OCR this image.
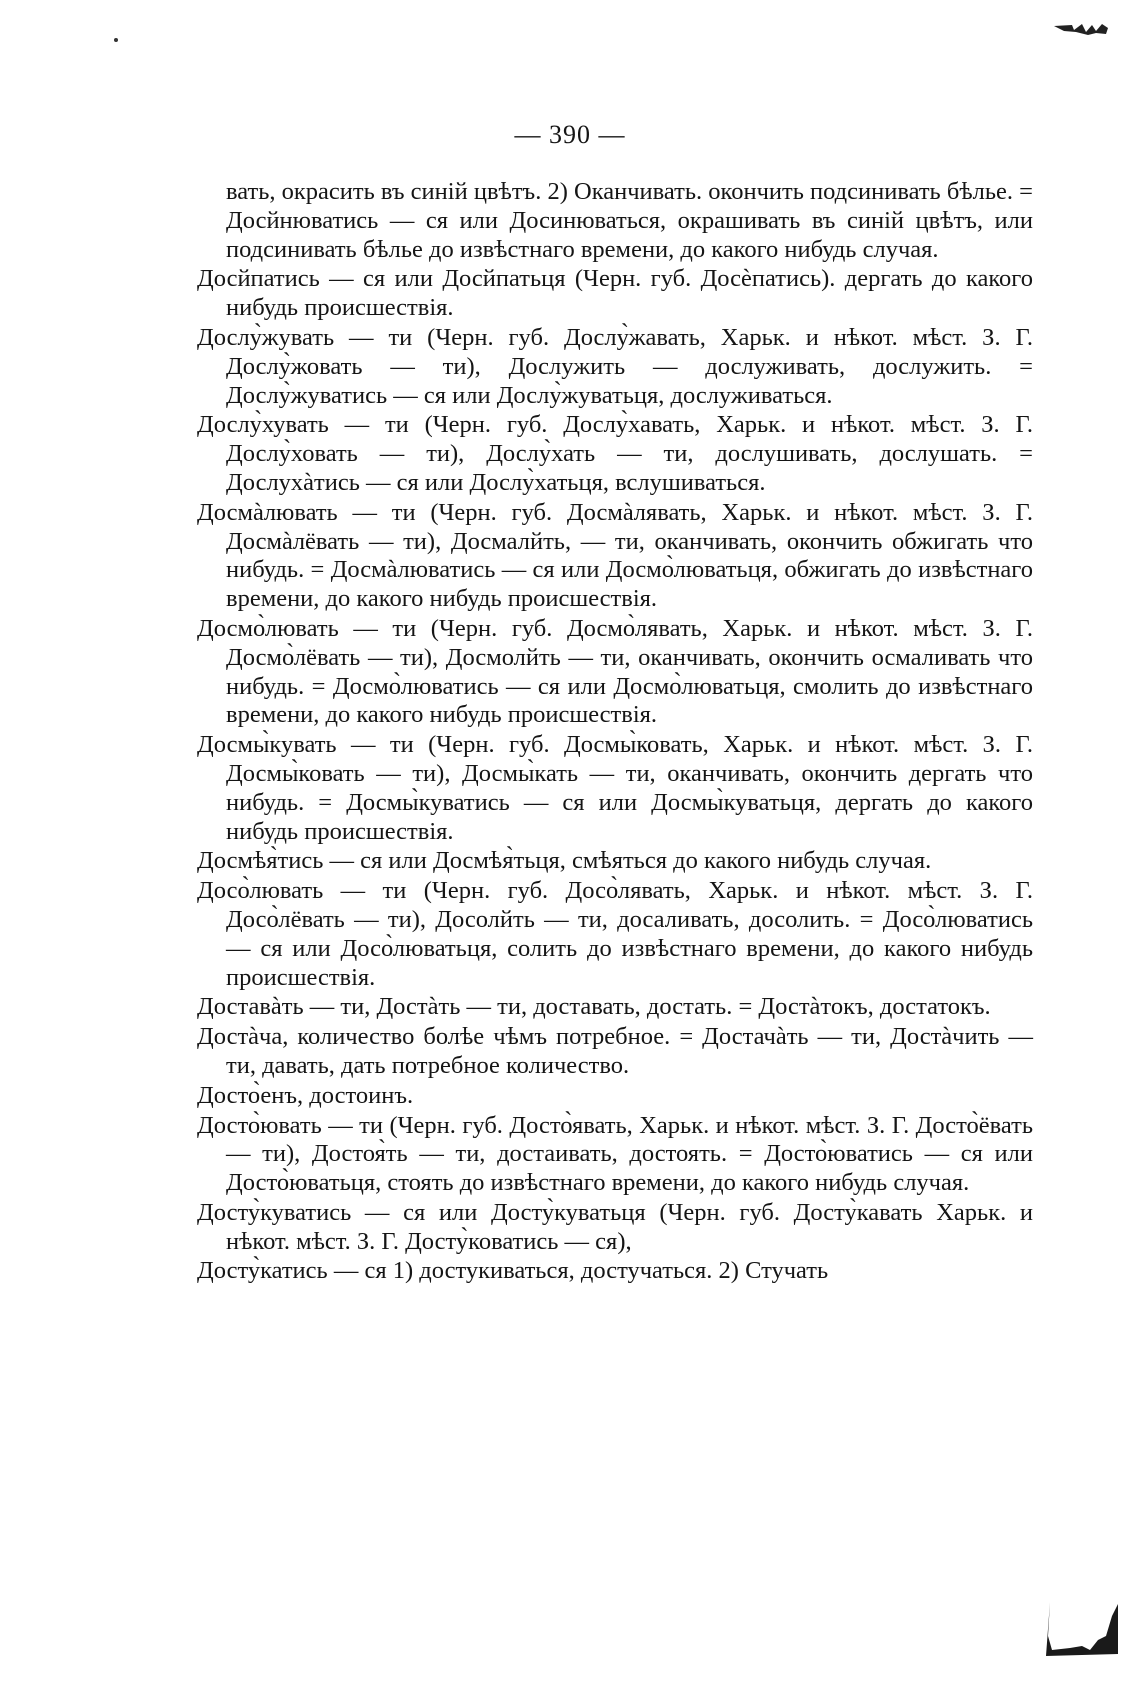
— 390 —

вать, окрасить въ синій цвѣтъ. 2) Оканчивать. окончить подсинивать бѣлье. = Досйнюватись — ся или Досинюваться, окрашивать въ синій цвѣтъ, или подсинивать бѣлье до извѣстнаго времени, до какого нибудь случая.

Досйпатись — ся или Досйпатьця (Черн. губ. Досѐпатись). дергать до какого нибудь происшествія.

Дослу̀жувать — ти (Черн. губ. Дослу̀жавать, Харьк. и нѣкот. мѣст. З. Г. Дослу̀жовать — ти), Дослужить — дослуживать, дослужить. = Дослу̀жуватись — ся или Дослу̀жуватьця, дослуживаться.

Дослу̀хувать — ти (Черн. губ. Дослу̀хавать, Харьк. и нѣкот. мѣст. З. Г. Дослу̀ховать — ти), Дослу̀хать — ти, дослушивать, дослушать. = Дослухàтись — ся или Дослу̀хатьця, вслушиваться.

Досмàлювать — ти (Черн. губ. Досмàлявать, Харьк. и нѣкот. мѣст. З. Г. Досмàлёвать — ти), Досмалйть, — ти, оканчивать, окончить обжигать что нибудь. = Досмàлюватись — ся или Досмо̀люватьця, обжигать до извѣстнаго времени, до какого нибудь происшествія.

Досмо̀лювать — ти (Черн. губ. Досмо̀лявать, Харьк. и нѣкот. мѣст. З. Г. Досмо̀лёвать — ти), Досмолйть — ти, оканчивать, окончить осмаливать что нибудь. = Досмо̀люватись — ся или Досмо̀люватьця, смолить до извѣстнаго времени, до какого нибудь происшествія.

Досмы̀кувать — ти (Черн. губ. Досмы̀ковать, Харьк. и нѣкот. мѣст. З. Г. Досмы̀ковать — ти), Досмы̀кать — ти, оканчивать, окончить дергать что нибудь. = Досмы̀куватись — ся или Досмы̀куватьця, дергать до какого нибудь происшествія.

Досмѣя̀тись — ся или Досмѣя̀тьця, смѣяться до какого нибудь случая.

Досо̀лювать — ти (Черн. губ. Досо̀лявать, Харьк. и нѣкот. мѣст. З. Г. Досо̀лёвать — ти), Досолйть — ти, досаливать, досолить. = Досо̀люватись — ся или Досо̀люватьця, солить до извѣстнаго времени, до какого нибудь происшествія.

Доставàть — ти, Достàть — ти, доставать, достать. = Достàтокъ, достатокъ.

Достàча, количество болѣе чѣмъ потребное. = Достачàть — ти, Достàчить — ти, давать, дать потребное количество.

Досто̀енъ, достоинъ.

Досто̀ювать — ти (Черн. губ. Досто̀явать, Харьк. и нѣкот. мѣст. З. Г. Досто̀ёвать — ти), Достоя̀ть — ти, достаивать, достоять. = Досто̀юватись — ся или Досто̀юватьця, стоять до извѣстнаго времени, до какого нибудь случая.

Досту̀куватись — ся или Досту̀куватьця (Черн. губ. Досту̀кавать Харьк. и нѣкот. мѣст. З. Г. Досту̀коватись — ся),

Досту̀катись — ся 1) достукиваться, достучаться. 2) Стучать
